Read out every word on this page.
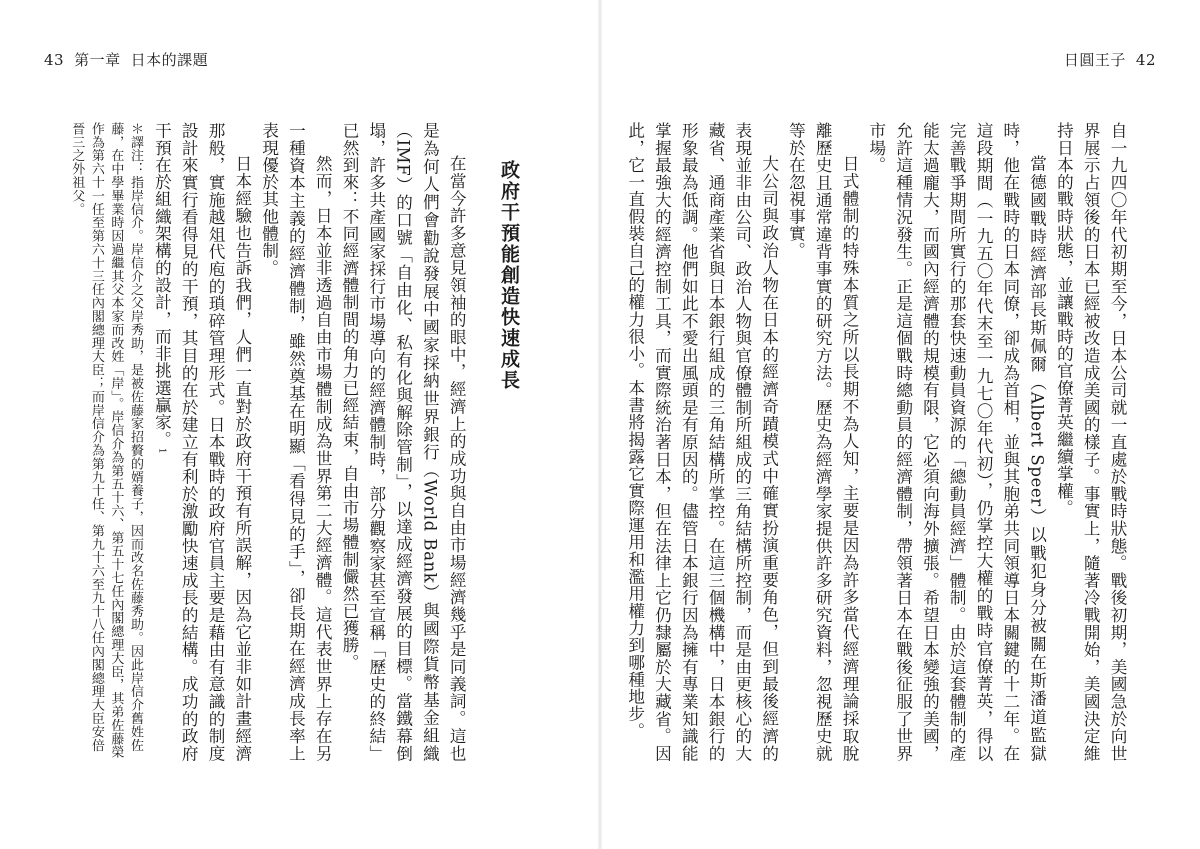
43 第一章 日本的課題

政府干預能創造快速成長

在當今許多意見領袖的眼中，經濟上的成功與自由市場經濟幾乎是同義詞。這也是為何人們會勸說發展中國家採納世界銀行（World Bank）與國際貨幣基金組織（IMF）的口號「自由化、私有化與解除管制」，以達成經濟發展的目標。當鐵幕倒塌，許多共產國家採行市場導向的經濟體制時，部分觀察家甚至宣稱「歷史的終結」已然到來：不同經濟體制間的角力已經結束，自由市場體制儼然已獲勝。

然而，日本並非透過自由市場體制成為世界第二大經濟體。這代表世界上存在另一種資本主義的經濟體制，雖然奠基在明顯「看得見的手」，卻長期在經濟成長率上表現優於其他體制。

日本經驗也告訴我們，人們一直對於政府干預有所誤解，因為它並非如計畫經濟那般，實施越俎代庖的瑣碎管理形式。日本戰時的政府官員主要是藉由有意識的制度設計來實行看得見的干預，其目的在於建立有利於激勵快速成長的結構。成功的政府干預在於組織架構的設計，而非挑選贏家。1

＊譯注：指岸信介。岸信介之父岸秀助，是被佐藤家招贅的婿養子，因而改名佐藤秀助。因此岸信介舊姓佐藤，在中學畢業時因過繼其父本家而改姓「岸」。岸信介為第五十六、第五十七任內閣總理大臣，其弟佐藤榮作為第六十一任至第六十三任內閣總理大臣；而岸信介為第九十任、第九十六至九十八任內閣總理大臣安倍晉三之外祖父。

日圓王子 42

自一九四〇年代初期至今，日本公司就一直處於戰時狀態。戰後初期，美國急於向世界展示占領後的日本已經被改造成美國的樣子。事實上，隨著冷戰開始，美國決定維持日本的戰時狀態，並讓戰時的官僚菁英繼續掌權。

當德國戰時經濟部長斯佩爾（Albert Speer）以戰犯身分被關在斯潘道監獄時，他在戰時的日本同僚，卻成為首相，並與其胞弟共同領導日本關鍵的十二年。在這段期間（一九五〇年代末至一九七〇年代初），仍掌控大權的戰時官僚菁英，得以完善戰爭期間所實行的那套快速動員資源的「總動員經濟」體制。由於這套體制的產能太過龐大，而國內經濟體的規模有限，它必須向海外擴張。希望日本變強的美國，允許這種情況發生。正是這個戰時總動員的經濟體制，帶領著日本在戰後征服了世界市場。

日式體制的特殊本質之所以長期不為人知，主要是因為許多當代經濟理論採取脫離歷史且通常違背事實的研究方法。歷史為經濟學家提供許多研究資料，忽視歷史就等於在忽視事實。

大公司與政治人物在日本的經濟奇蹟模式中確實扮演重要角色，但到最後經濟的表現並非由公司、政治人物與官僚體制所組成的三角結構所控制，而是由更核心的大藏省、通商產業省與日本銀行組成的三角結構所掌控。在這三個機構中，日本銀行的形象最為低調。他們如此不愛出風頭是有原因的。儘管日本銀行因為擁有專業知識能掌握最強大的經濟控制工具，而實際統治著日本，但在法律上它仍隸屬於大藏省。因此，它一直假裝自己的權力很小。本書將揭露它實際運用和濫用權力到哪種地步。
